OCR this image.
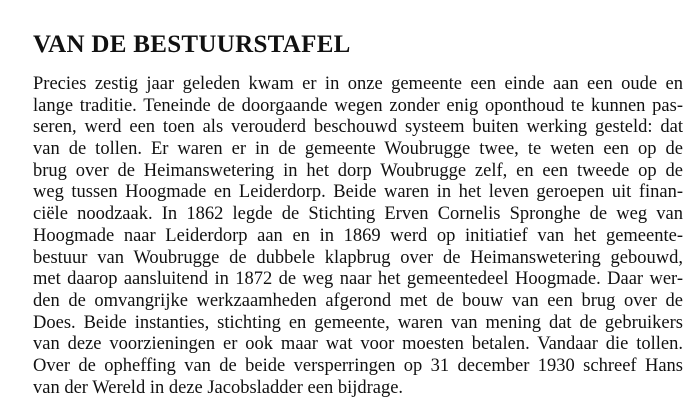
VAN DE BESTUURSTAFEL
Precies zestig jaar geleden kwam er in onze gemeente een einde aan een oude en
lange traditie. Teneinde de doorgaande wegen zonder enig oponthoud te kunnen pas-
seren, werd een toen als verouderd beschouwd systeem buiten werking gesteld: dat
van de tollen. Er waren er in de gemeente Woubrugge twee, te weten een op de
brug over de Heimanswetering in het dorp Woubrugge zelf, en een tweede op de
weg tussen Hoogmade en Leiderdorp. Beide waren in het leven geroepen uit finan-
ciële noodzaak. In 1862 legde de Stichting Erven Cornelis Spronghe de weg van
Hoogmade naar Leiderdorp aan en in 1869 werd op initiatief van het gemeente-
bestuur van Woubrugge de dubbele klapbrug over de Heimanswetering gebouwd,
met daarop aansluitend in 1872 de weg naar het gemeentedeel Hoogmade. Daar wer-
den de omvangrijke werkzaamheden afgerond met de bouw van een brug over de
Does. Beide instanties, stichting en gemeente, waren van mening dat de gebruikers
van deze voorzieningen er ook maar wat voor moesten betalen. Vandaar die tollen.
Over de opheffing van de beide versperringen op 31 december 1930 schreef Hans
van der Wereld in deze Jacobsladder een bijdrage.
